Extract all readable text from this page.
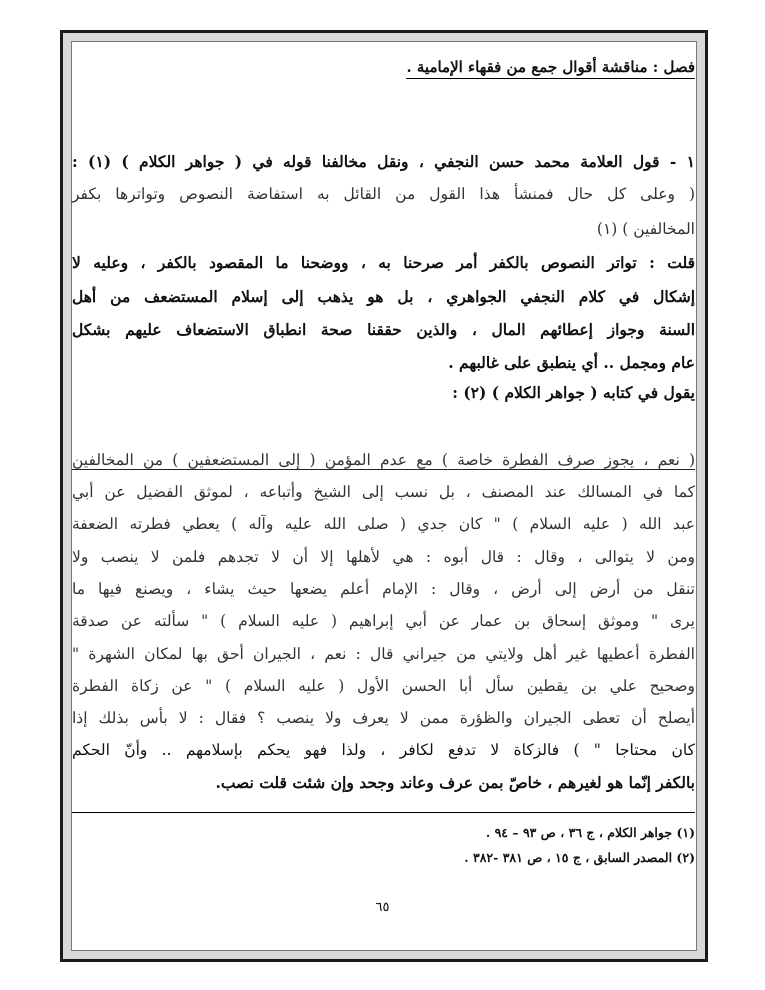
فصل : مناقشة أقوال جمع من فقهاء الإمامية .
١ - قول العلامة محمد حسن النجفي ، ونقل مخالفنا قوله في ( جواهر الكلام ) (١) :
( وعلى كل حال فمنشأ هذا القول من القائل به استفاضة النصوص وتواترها بكفر
المخالفين ) (١)
قلت : تواتر النصوص بالكفر أمر صرحنا به ، ووضحنا ما المقصود بالكفر ، وعليه لا
إشكال في كلام النجفي الجواهري ، بل هو يذهب إلى إسلام المستضعف من أهل
السنة وجواز إعطائهم المال ، والذين حققنا صحة انطباق الاستضعاف عليهم بشكل
عام ومجمل .. أي ينطبق على غالبهم .
يقول في كتابه ( جواهر الكلام ) (٢) :
( نعم ، يجوز صرف الفطرة خاصة ) مع عدم المؤمن ( إلى المستضعفين ) من المخالفين
كما في المسالك عند المصنف ، بل نسب إلى الشيخ وأتباعه ، لموثق الفضيل عن أبي
عبد الله ( عليه السلام ) " كان جدي ( صلى الله عليه وآله ) يعطي فطرته الضعفة
ومن لا يتوالى ، وقال : قال أبوه : هي لأهلها إلا أن لا تجدهم فلمن لا ينصب ولا
تنقل من أرض إلى أرض ، وقال : الإمام أعلم يضعها حيث يشاء ، ويصنع فيها ما
يرى " وموثق إسحاق بن عمار عن أبي إبراهيم ( عليه السلام ) " سألته عن صدقة
الفطرة أعطيها غير أهل ولايتي من جيراني قال : نعم ، الجيران أحق بها لمكان الشهرة "
وصحيح علي بن يقطين سأل أبا الحسن الأول ( عليه السلام ) " عن زكاة الفطرة
أيصلح أن تعطى الجيران والظؤرة ممن لا يعرف ولا ينصب ؟ فقال : لا بأس بذلك إذا
كان محتاجا " ) فالزكاة لا تدفع لكافر ، ولذا فهو يحكم بإسلامهم .. وأنّ الحكم
بالكفر إنّما هو لغيرهم ، خاصّ بمن عرف وعاند وجحد وإن شئت قلت نصب.
(١) جواهر الكلام ، ج ٣٦ ، ص ٩٣ – ٩٤ .
(٢) المصدر السابق ، ج ١٥ ، ص ٣٨١ -٣٨٢ .
٦٥
